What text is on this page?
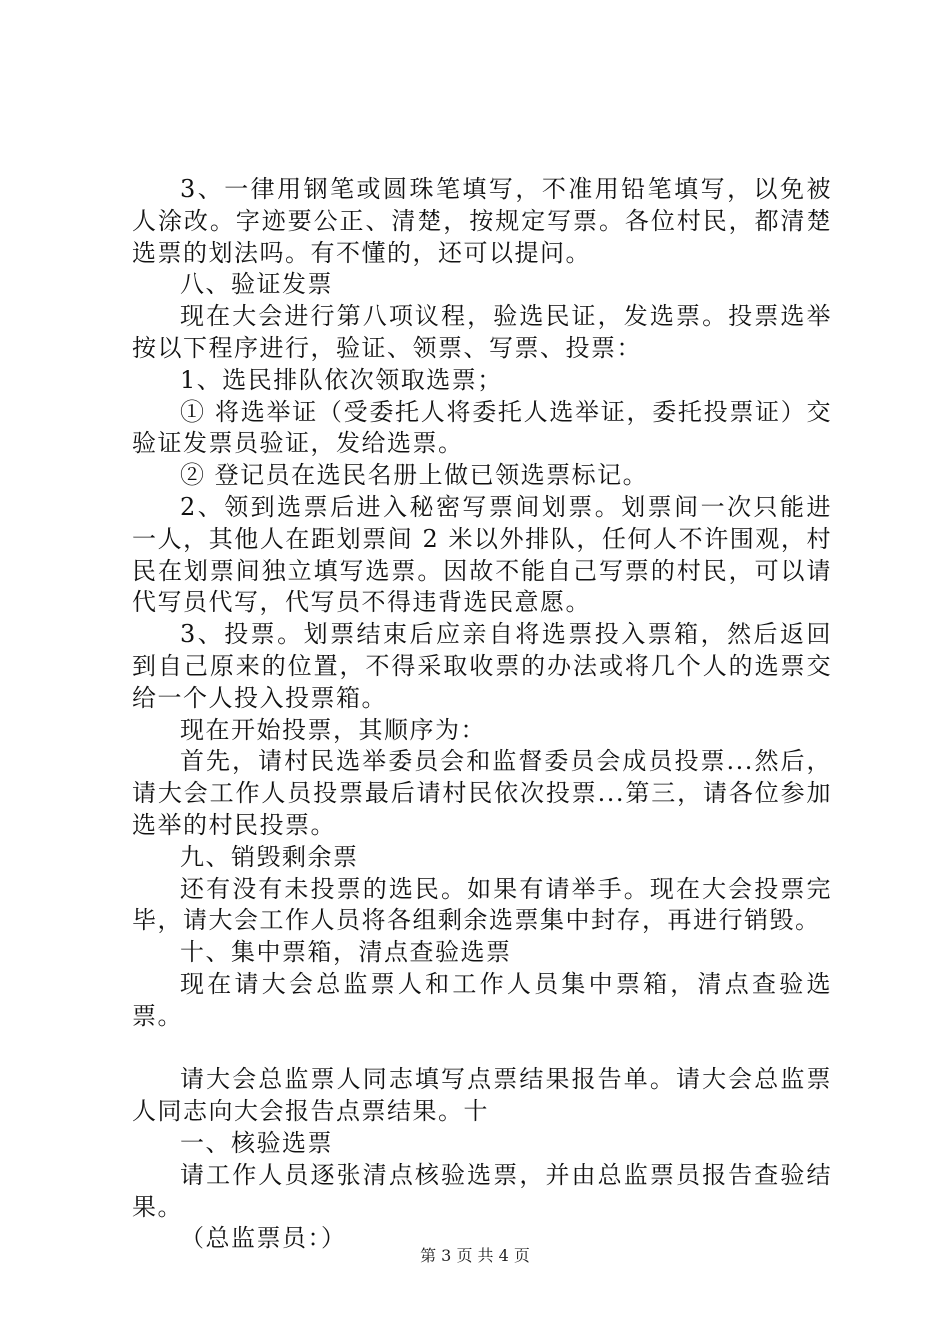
3、一律用钢笔或圆珠笔填写，不准用铅笔填写，以免被人涂改。字迹要公正、清楚，按规定写票。各位村民，都清楚选票的划法吗。有不懂的，还可以提问。

八、验证发票

现在大会进行第八项议程，验选民证，发选票。投票选举按以下程序进行，验证、领票、写票、投票：

1、选民排队依次领取选票；

① 将选举证（受委托人将委托人选举证，委托投票证）交验证发票员验证，发给选票。

② 登记员在选民名册上做已领选票标记。

2、领到选票后进入秘密写票间划票。划票间一次只能进一人，其他人在距划票间 2 米以外排队，任何人不许围观，村民在划票间独立填写选票。因故不能自己写票的村民，可以请代写员代写，代写员不得违背选民意愿。

3、投票。划票结束后应亲自将选票投入票箱，然后返回到自己原来的位置，不得采取收票的办法或将几个人的选票交给一个人投入投票箱。

现在开始投票，其顺序为：

首先，请村民选举委员会和监督委员会成员投票...然后，请大会工作人员投票最后请村民依次投票...第三，请各位参加选举的村民投票。

九、销毁剩余票

还有没有未投票的选民。如果有请举手。现在大会投票完毕，请大会工作人员将各组剩余选票集中封存，再进行销毁。

十、集中票箱，清点查验选票

现在请大会总监票人和工作人员集中票箱，清点查验选票。

请大会总监票人同志填写点票结果报告单。请大会总监票人同志向大会报告点票结果。十

一、核验选票

请工作人员逐张清点核验选票，并由总监票员报告查验结果。

（总监票员：）

第 3 页 共 4 页
